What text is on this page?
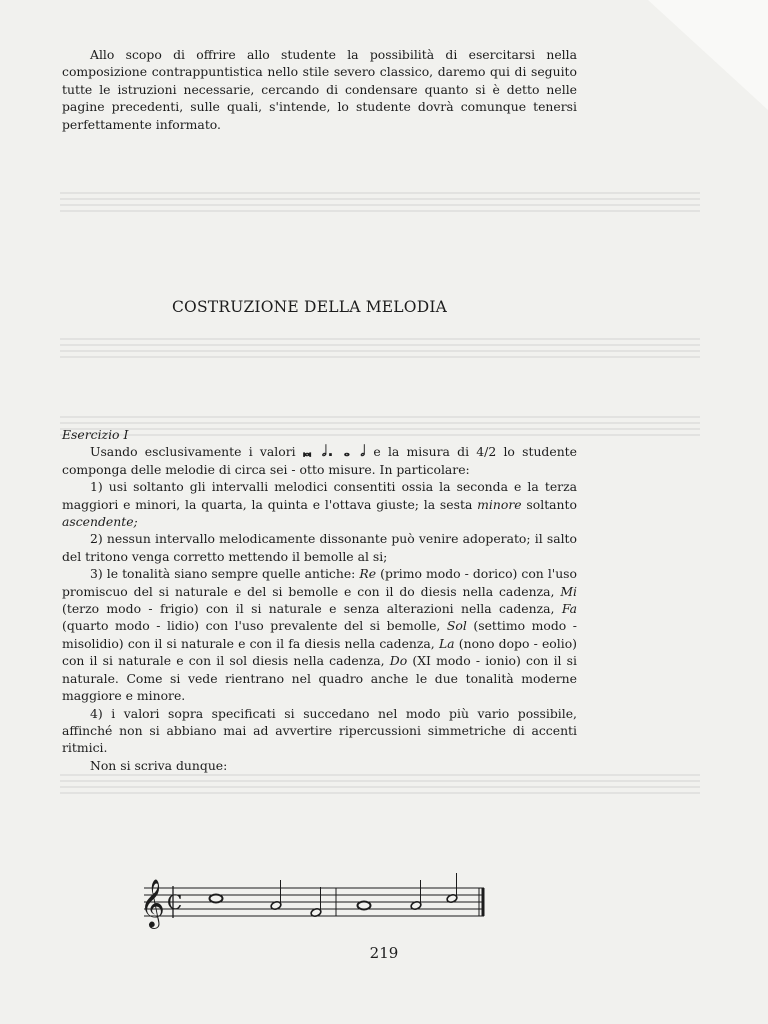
Allo scopo di offrire allo studente la possibilità di esercitarsi nella composizione contrappuntistica nello stile severo classico, daremo qui di seguito tutte le istruzioni necessarie, cercando di condensare quanto si è detto nelle pagine precedenti, sulle quali, s'intende, lo studente dovrà comunque tenersi perfettamente informato.

COSTRUZIONE DELLA MELODIA

Esercizio I

Usando esclusivamente i valori 𝅜 𝅗𝅥. 𝅝 𝅗𝅥 e la misura di 4/2 lo studente componga delle melodie di circa sei - otto misure. In particolare:

1) usi soltanto gli intervalli melodici consentiti ossia la seconda e la terza maggiori e minori, la quarta, la quinta e l'ottava giuste; la sesta minore soltanto ascendente;

2) nessun intervallo melodicamente dissonante può venire adoperato; il salto del tritono venga corretto mettendo il bemolle al si;

3) le tonalità siano sempre quelle antiche: Re (primo modo - dorico) con l'uso promiscuo del si naturale e del si bemolle e con il do diesis nella cadenza, Mi (terzo modo - frigio) con il si naturale e senza alterazioni nella cadenza, Fa (quarto modo - lidio) con l'uso prevalente del si bemolle, Sol (settimo modo - misolidio) con il si naturale e con il fa diesis nella cadenza, La (nono dopo - eolio) con il si naturale e con il sol diesis nella cadenza, Do (XI modo - ionio) con il si naturale. Come si vede rientrano nel quadro anche le due tonalità moderne maggiore e minore.

4) i valori sopra specificati si succedano nel modo più vario possibile, affinché non si abbiano mai ad avvertire ripercussioni simmetriche di accenti ritmici.

Non si scriva dunque:

𝄞 C
219
